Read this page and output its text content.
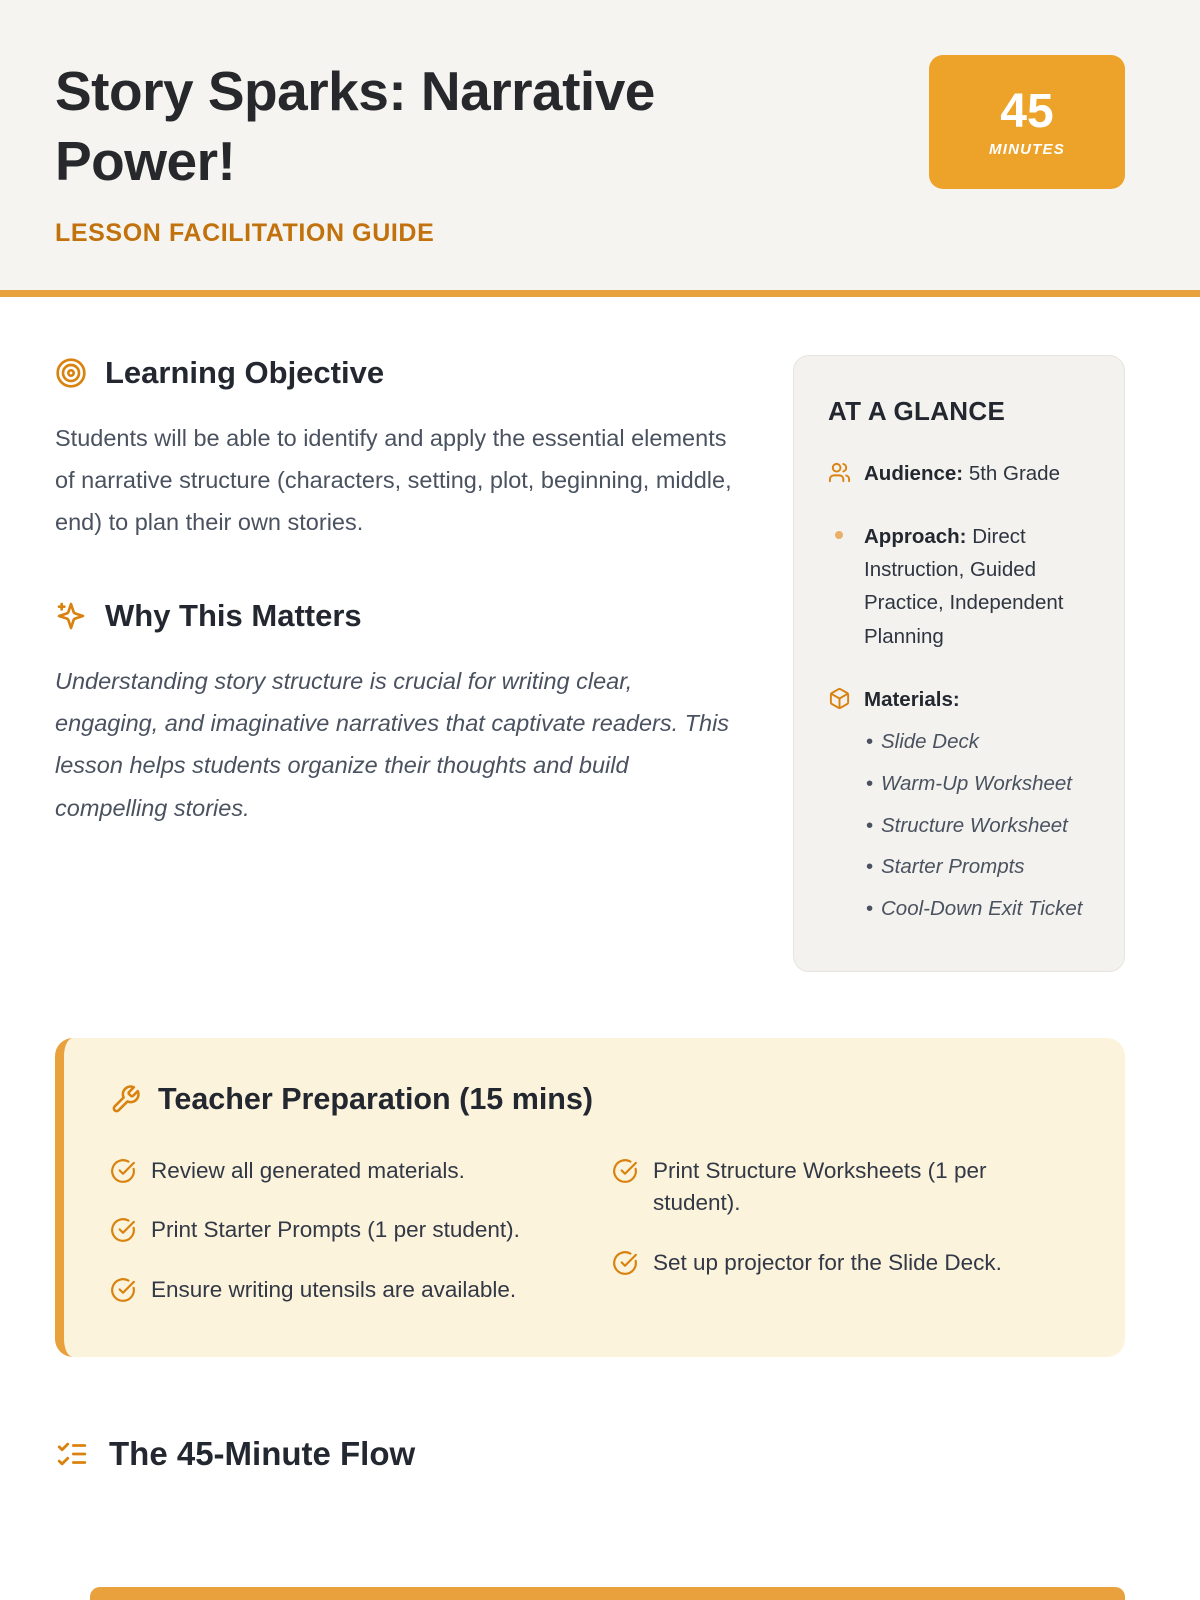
Story Sparks: Narrative Power!

LESSON FACILITATION GUIDE

45
MINUTES
Learning Objective

Students will be able to identify and apply the essential elements of narrative structure (characters, setting, plot, beginning, middle, end) to plan their own stories.

Why This Matters

Understanding story structure is crucial for writing clear, engaging, and imaginative narratives that captivate readers. This lesson helps students organize their thoughts and build compelling stories.

AT A GLANCE

Audience: 5th Grade

Approach: Direct Instruction, Guided Practice, Independent Planning

Materials:

• Slide Deck
• Warm-Up Worksheet
• Structure Worksheet
• Starter Prompts
• Cool-Down Exit Ticket
Teacher Preparation (15 mins)
Review all generated materials.
Print Starter Prompts (1 per student).
Ensure writing utensils are available.
Print Structure Worksheets (1 per student).
Set up projector for the Slide Deck.
The 45-Minute Flow
